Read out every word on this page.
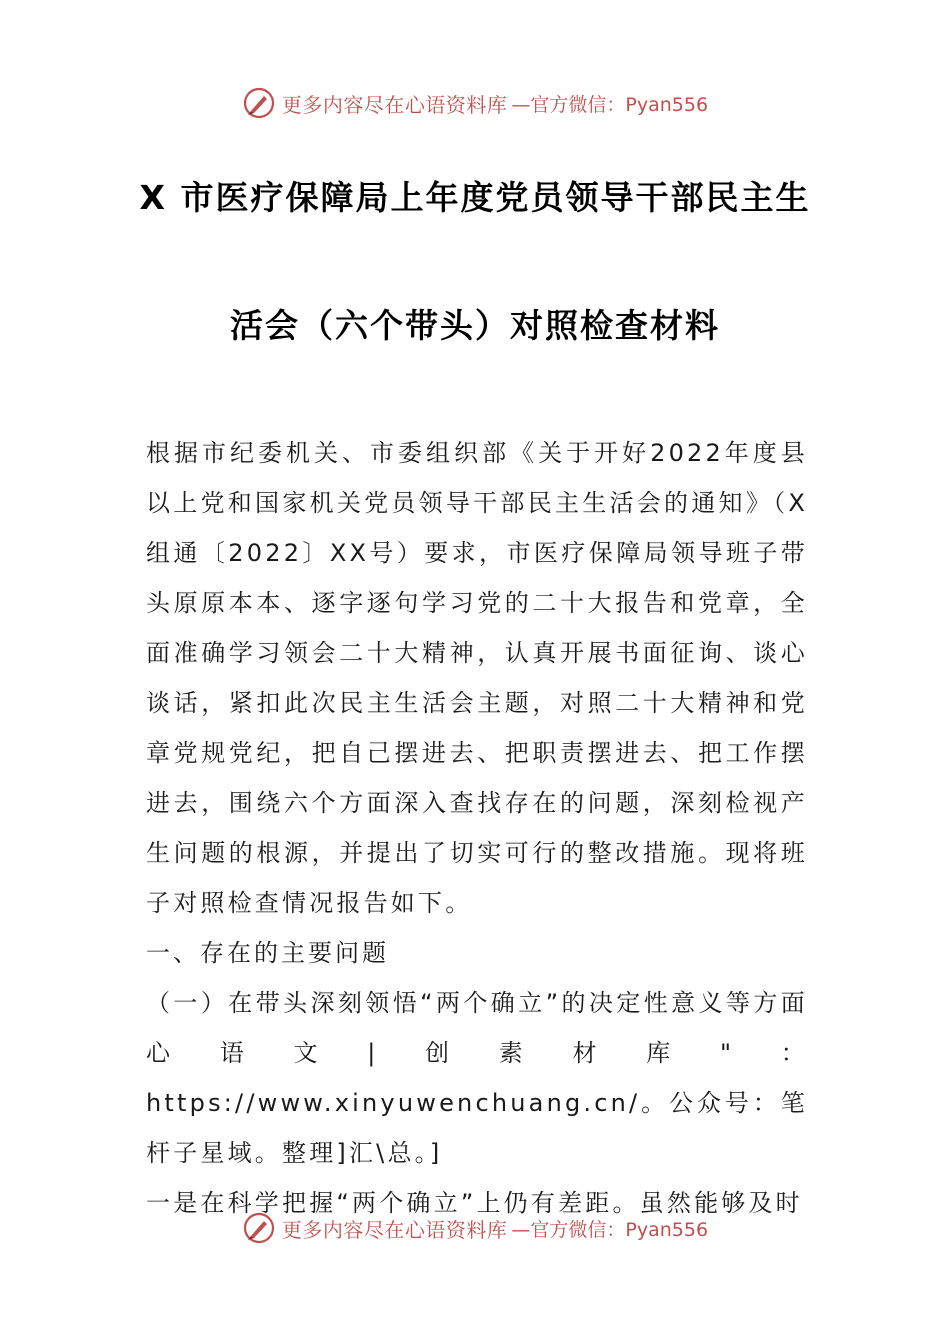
更多内容尽在心语资料库 —官方微信：Pyan556
X 市医疗保障局上年度党员领导干部民主生
活会（六个带头）对照检查材料

根据市纪委机关、市委组织部《关于开好2022年度县以上党和国家机关党员领导干部民主生活会的通知》（X组通〔2022〕XX号）要求，市医疗保障局领导班子带头原原本本、逐字逐句学习党的二十大报告和党章，全面准确学习领会二十大精神，认真开展书面征询、谈心谈话，紧扣此次民主生活会主题，对照二十大精神和党章党规党纪，把自己摆进去、把职责摆进去、把工作摆进去，围绕六个方面深入查找存在的问题，深刻检视产生问题的根源，并提出了切实可行的整改措施。现将班子对照检查情况报告如下。

一、存在的主要问题

（一）在带头深刻领悟“两个确立”的决定性意义等方面心语文|创素材库"：https://www.xinyuwenchuang.cn/。公众号：笔杆子星域。整理]汇\总。]

一是在科学把握“两个确立”上仍有差距。虽然能够及时

更多内容尽在心语资料库 —官方微信：Pyan556
